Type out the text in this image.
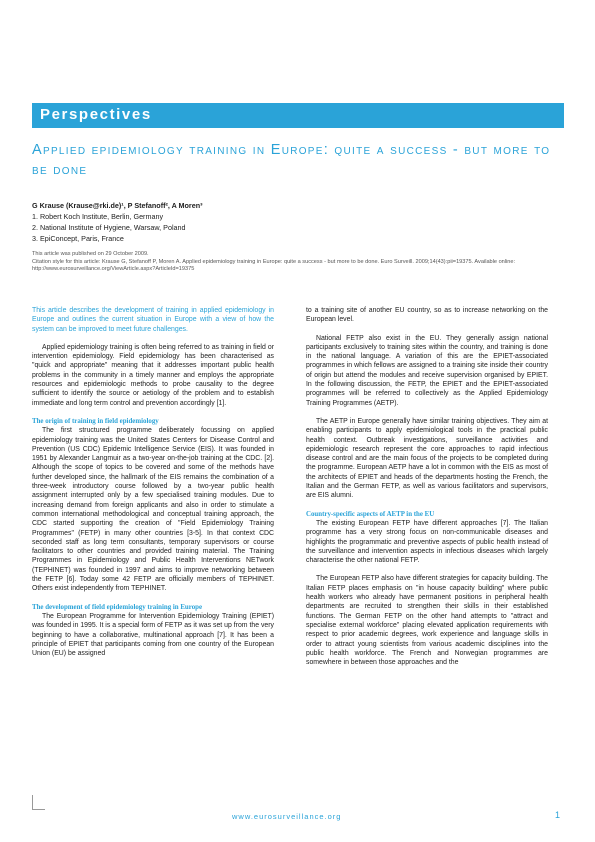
Perspectives
Applied epidemiology training in Europe: quite a success - but more to be done
G Krause (Krause@rki.de)¹, P Stefanoff², A Moren³
1. Robert Koch Institute, Berlin, Germany
2. National Institute of Hygiene, Warsaw, Poland
3. EpiConcept, Paris, France
This article was published on 29 October 2009.
Citation style for this article: Krause G, Stefanoff P, Moren A. Applied epidemiology training in Europe: quite a success - but more to be done. Euro Surveill. 2009;14(43):pii=19375. Available online: http://www.eurosurveillance.org/ViewArticle.aspx?ArticleId=19375

This article describes the development of training in applied epidemiology in Europe and outlines the current situation in Europe with a view of how the system can be improved to meet future challenges.

Applied epidemiology training is often being referred to as training in field or intervention epidemiology. Field epidemiology has been characterised as "quick and appropriate" meaning that it addresses important public health problems in the community in a timely manner and employs the appropriate resources and epidemiologic methods to probe causality to the degree sufficient to identify the source or aetiology of the problem and to establish immediate and long term control and prevention accordingly [1].

The origin of training in field epidemiology

The first structured programme deliberately focussing on applied epidemiology training was the United States Centers for Disease Control and Prevention (US CDC) Epidemic Intelligence Service (EIS). It was founded in 1951 by Alexander Langmuir as a two-year on-the-job training at the CDC. [2]. Although the scope of topics to be covered and some of the methods have further developed since, the hallmark of the EIS remains the combination of a three-week introductory course followed by a two-year public health assignment interrupted only by a few specialised training modules. Due to increasing demand from foreign applicants and also in order to stimulate a common international methodological and conceptual training approach, the CDC started supporting the creation of "Field Epidemiology Training Programmes" (FETP) in many other countries [3-5]. In that context CDC seconded staff as long term consultants, temporary supervisors or course facilitators to other countries and provided training material. The Training Programmes in Epidemiology and Public Health Interventions NETwork (TEPHINET) was founded in 1997 and aims to improve networking between the FETP [6]. Today some 42 FETP are officially members of TEPHINET. Others exist independently from TEPHINET.

The development of field epidemiology training in Europe

The European Programme for Intervention Epidemiology Training (EPIET) was founded in 1995. It is a special form of FETP as it was set up from the very beginning to have a collaborative, multinational approach [7]. It has been a principle of EPIET that participants coming from one country of the European Union (EU) be assigned

to a training site of another EU country, so as to increase networking on the European level.

National FETP also exist in the EU. They generally assign national participants exclusively to training sites within the country, and training is done in the national language. A variation of this are the EPIET-associated programmes in which fellows are assigned to a training site inside their country of origin but attend the modules and receive supervision organised by EPIET. In the following discussion, the FETP, the EPIET and the EPIET-associated programmes will be referred to collectively as the Applied Epidemiology Training Programmes (AETP).

The AETP in Europe generally have similar training objectives. They aim at enabling participants to apply epidemiological tools in the practical public health context. Outbreak investigations, surveillance activities and epidemiologic research represent the core approaches to rapid infectious disease control and are the main focus of the projects to be completed during the programme. European AETP have a lot in common with the EIS as most of the architects of EPIET and heads of the departments hosting the French, the Italian and the German FETP, as well as various facilitators and supervisors, are EIS alumni.

Country-specific aspects of AETP in the EU

The existing European FETP have different approaches [7]. The Italian programme has a very strong focus on non-communicable diseases and highlights the programmatic and preventive aspects of public health instead of the surveillance and intervention aspects in infectious diseases which largely characterise the other national FETP.

The European FETP also have different strategies for capacity building. The Italian FETP places emphasis on "in house capacity building" where public health workers who already have permanent positions in peripheral health departments are recruited to strengthen their skills in their established functions. The German FETP on the other hand attempts to "attract and specialise external workforce" placing elevated application requirements with respect to prior academic degrees, work experience and language skills in order to attract young scientists from various academic disciplines into the public health workforce. The French and Norwegian programmes are somewhere in between those approaches and the

www.eurosurveillance.org	1
